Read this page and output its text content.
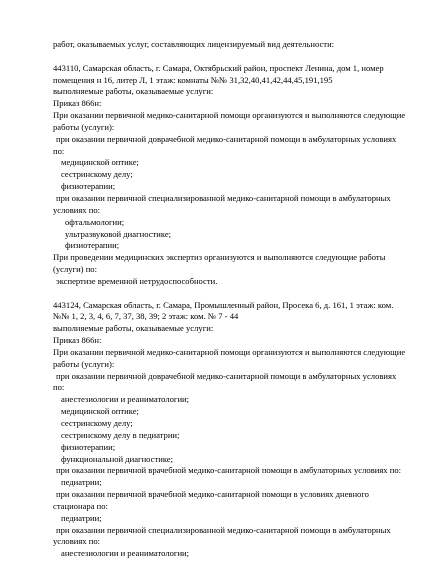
работ, оказываемых услуг, составляющих лицензируемый вид деятельности:
443110, Самарская область, г. Самара, Октябрьский район, проспект Ленина, дом 1, номер
помещения н 16, литер Л, 1 этаж: комнаты №№ 31,32,40,41,42,44,45,191,195
выполняемые работы, оказываемые услуги:
Приказ 866н:
При оказании первичной медико-санитарной помощи организуются и выполняются следующие
работы (услуги):
при оказании первичной доврачебной медико-санитарной помощи в амбулаторных условиях
по:
медицинской оптике;
сестринскому делу;
физиотерапии;
при оказании первичной специализированной медико-санитарной помощи в амбулаторных
условиях по:
офтальмологии;
ультразвуковой диагностике;
физиотерапии;
При проведении медицинских экспертиз организуются и выполняются следующие работы
(услуги) по:
экспертизе временной нетрудоспособности.
443124, Самарская область, г. Самара, Промышленный район, Просека 6, д. 161, 1 этаж: ком.
№№ 1, 2, 3, 4, 6, 7, 37, 38, 39; 2 этаж: ком. № 7 - 44
выполняемые работы, оказываемые услуги:
Приказ 866н:
При оказании первичной медико-санитарной помощи организуются и выполняются следующие
работы (услуги):
при оказании первичной доврачебной медико-санитарной помощи в амбулаторных условиях
по:
анестезиологии и реаниматологии;
медицинской оптике;
сестринскому делу;
сестринскому делу в педиатрии;
физиотерапии;
функциональной диагностике;
при оказании первичной врачебной медико-санитарной помощи в амбулаторных условиях по:
педиатрии;
при оказании первичной врачебной медико-санитарной помощи в условиях дневного
стационара по:
педиатрии;
при оказании первичной специализированной медико-санитарной помощи в амбулаторных
условиях по:
анестезиологии и реаниматологии;
